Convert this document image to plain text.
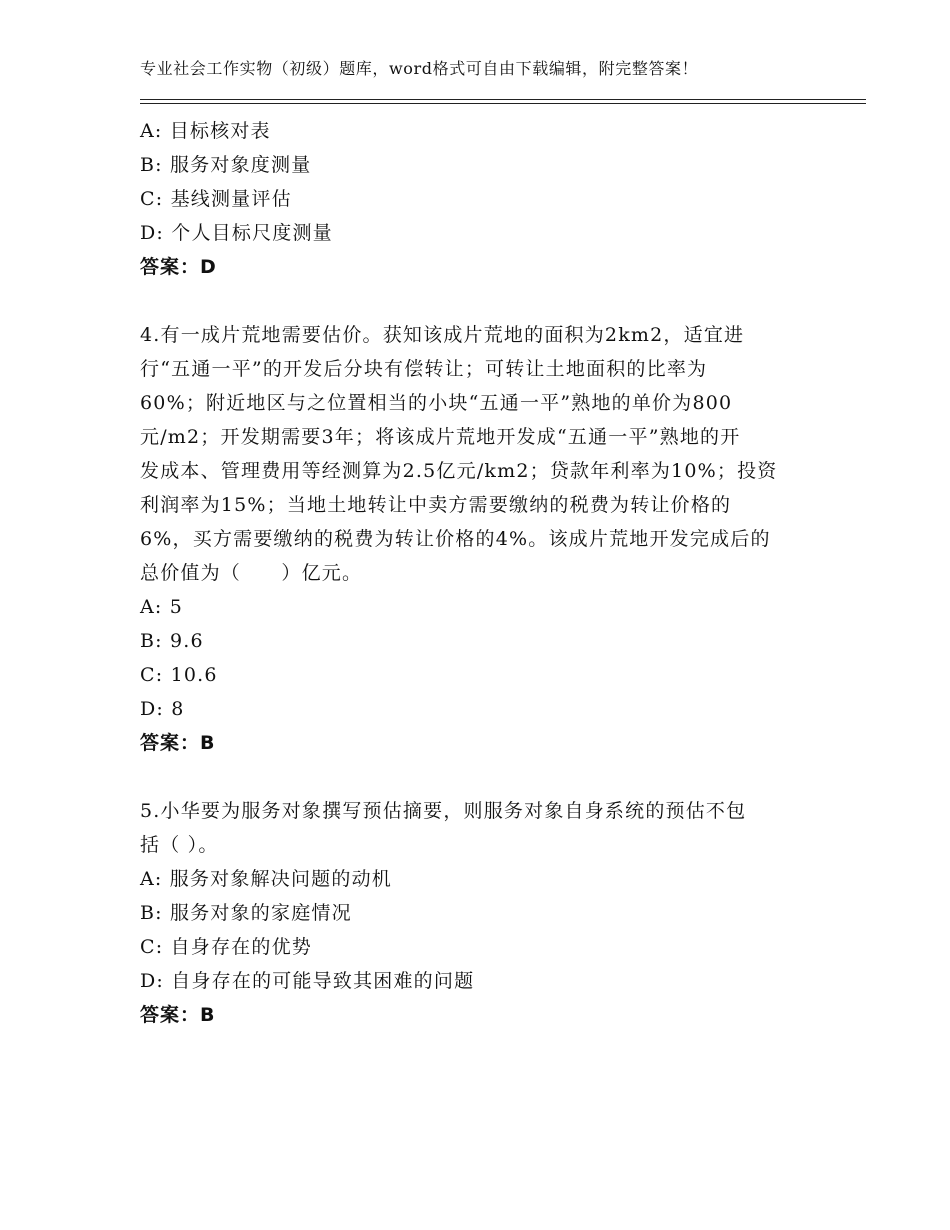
专业社会工作实物（初级）题库，word格式可自由下载编辑，附完整答案！
A: 目标核对表
B: 服务对象度测量
C: 基线测量评估
D: 个人目标尺度测量
答案：D
4.有一成片荒地需要估价。获知该成片荒地的面积为2km2，适宜进
行“五通一平”的开发后分块有偿转让；可转让土地面积的比率为
60%；附近地区与之位置相当的小块“五通一平”熟地的单价为800
元/m2；开发期需要3年；将该成片荒地开发成“五通一平”熟地的开
发成本、管理费用等经测算为2.5亿元/km2；贷款年利率为10%；投资
利润率为15%；当地土地转让中卖方需要缴纳的税费为转让价格的
6%，买方需要缴纳的税费为转让价格的4%。该成片荒地开发完成后的
总价值为（　　）亿元。
A: 5
B: 9.6
C: 10.6
D: 8
答案：B
5.小华要为服务对象撰写预估摘要，则服务对象自身系统的预估不包
括（ ）。
A: 服务对象解决问题的动机
B: 服务对象的家庭情况
C: 自身存在的优势
D: 自身存在的可能导致其困难的问题
答案：B
